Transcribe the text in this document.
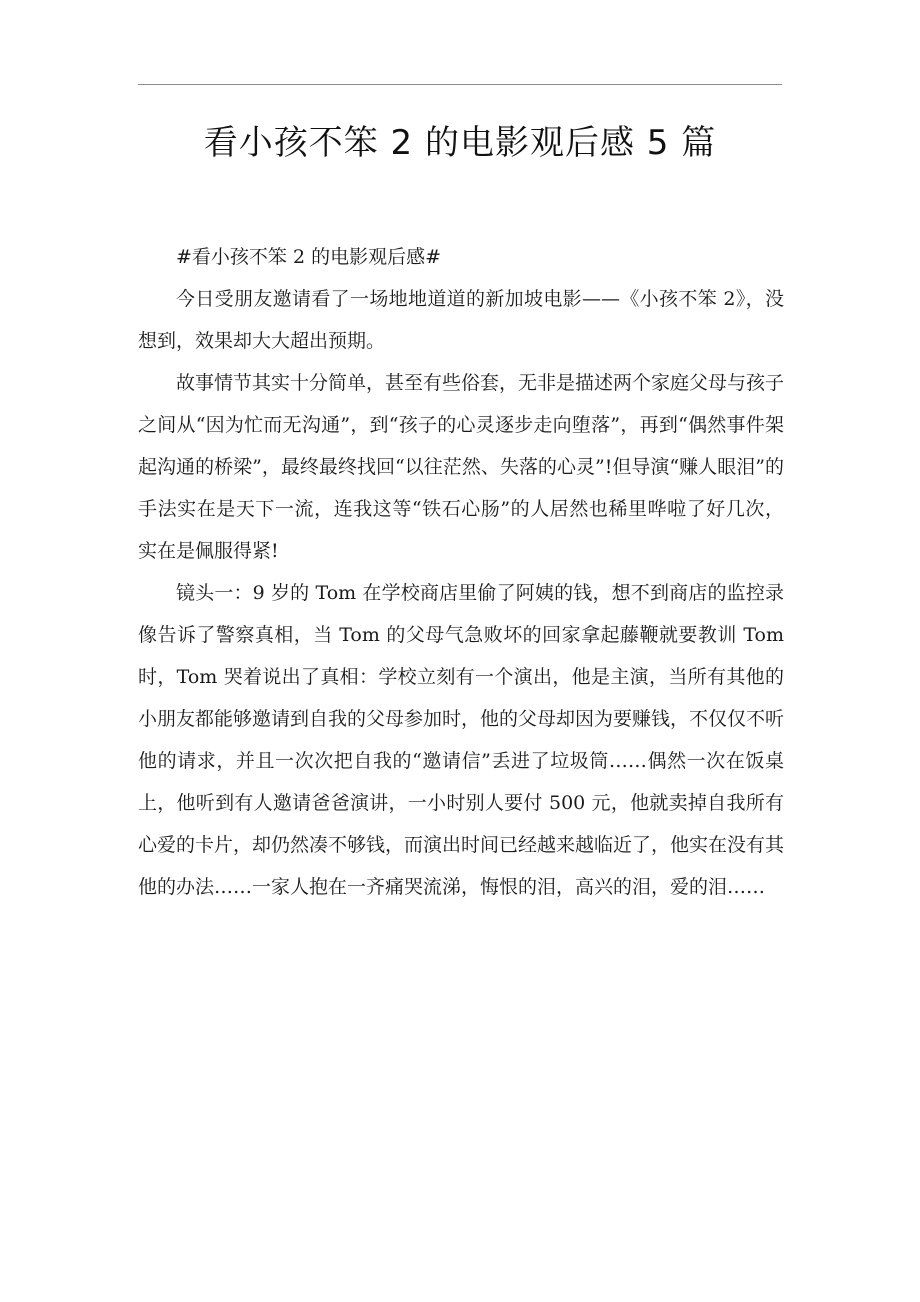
看小孩不笨 2 的电影观后感 5 篇

#看小孩不笨 2 的电影观后感#

今日受朋友邀请看了一场地地道道的新加坡电影——《小孩不笨 2》，没想到，效果却大大超出预期。

故事情节其实十分简单，甚至有些俗套，无非是描述两个家庭父母与孩子之间从“因为忙而无沟通”，到“孩子的心灵逐步走向堕落”，再到“偶然事件架起沟通的桥梁”，最终最终找回“以往茫然、失落的心灵”!但导演“赚人眼泪”的手法实在是天下一流，连我这等“铁石心肠”的人居然也稀里哗啦了好几次，实在是佩服得紧!

镜头一：9 岁的 Tom 在学校商店里偷了阿姨的钱，想不到商店的监控录像告诉了警察真相，当 Tom 的父母气急败坏的回家拿起藤鞭就要教训 Tom 时，Tom 哭着说出了真相：学校立刻有一个演出，他是主演，当所有其他的小朋友都能够邀请到自我的父母参加时，他的父母却因为要赚钱，不仅仅不听他的请求，并且一次次把自我的“邀请信”丢进了垃圾筒……偶然一次在饭桌上，他听到有人邀请爸爸演讲，一小时别人要付 500 元，他就卖掉自我所有心爱的卡片，却仍然凑不够钱，而演出时间已经越来越临近了，他实在没有其他的办法……一家人抱在一齐痛哭流涕，悔恨的泪，高兴的泪，爱的泪……
